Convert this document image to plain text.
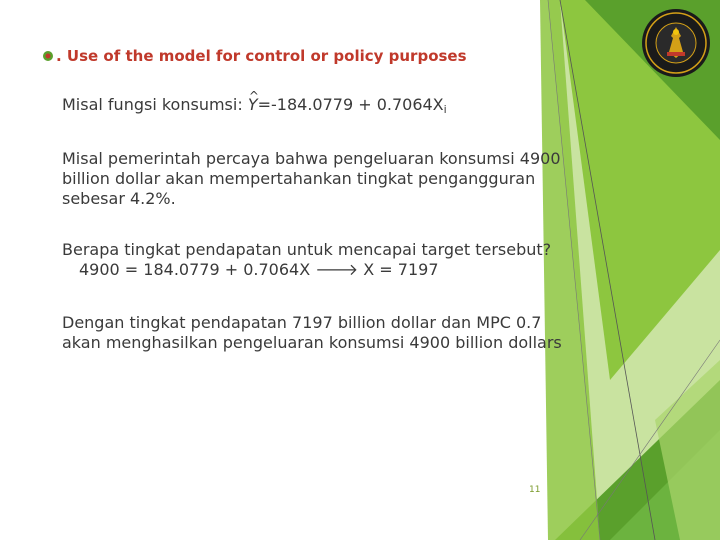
. Use of the model for control or policy purposes
Misal fungsi konsumsi: ^ $Y=-184.0779 + 0.7064X_i$
Misal pemerintah percaya bahwa pengeluaran konsumsi 4900
billion dollar akan mempertahankan tingkat pengangguran
sebesar 4.2%.
Berapa tingkat pendapatan untuk mencapai target tersebut?
4900 = 184.0779 + 0.7064X 🡒 X = 7197
Dengan tingkat pendapatan 7197 billion dollar dan MPC 0.7
akan menghasilkan pengeluaran konsumsi 4900 billion dollars
11
